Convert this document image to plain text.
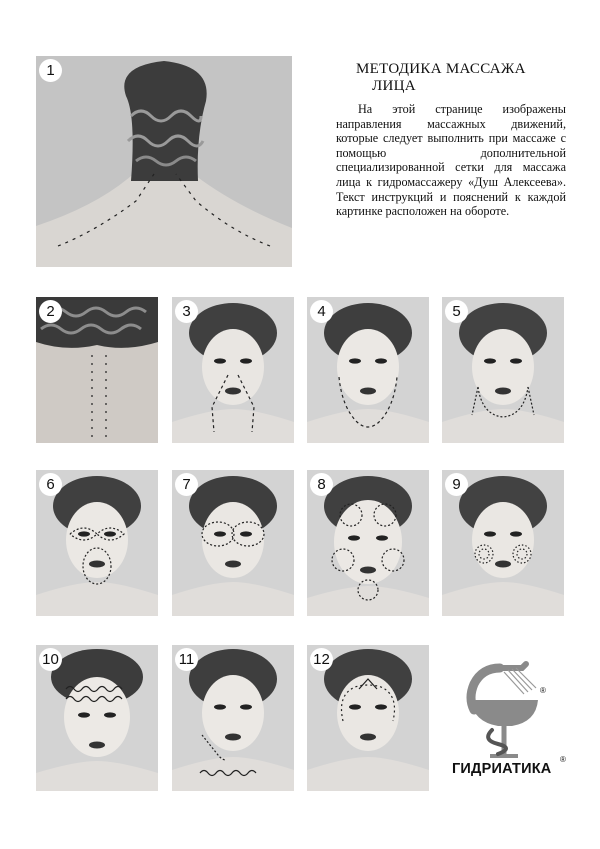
1
2	3	4	5
6	7	8	9
10	11	12
МЕТОДИКА МАССАЖА
ЛИЦА

На этой странице изображены направления массажных движений, которые следует выполнить при массаже с помощью дополнительной специализированной сетки для массажа лица к гидромассажеру «Душ Алексеева». Текст инструкций и пояснений к каждой картинке расположен на обороте.

®
ГИДРИАТИКА
®
